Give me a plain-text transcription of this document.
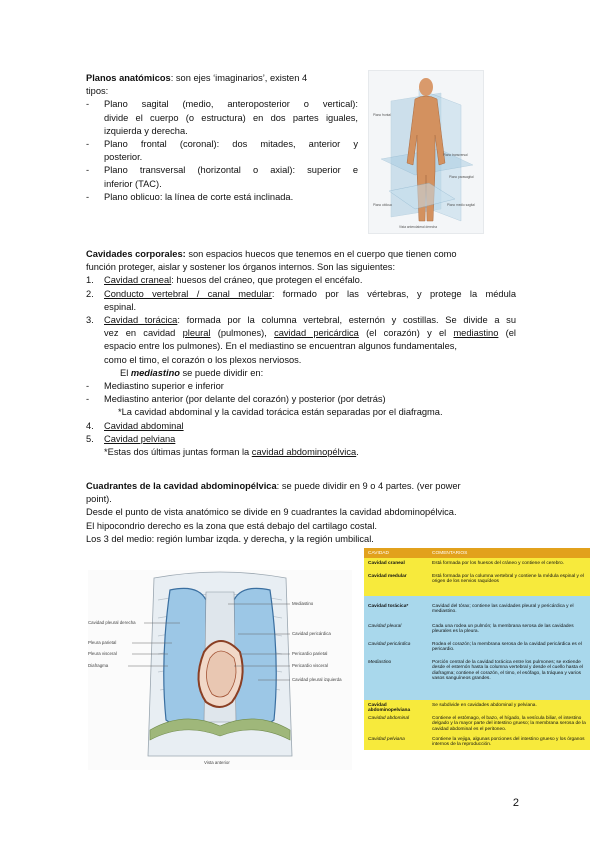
Planos anatómicos: son ejes ‘imaginarios’, existen 4
tipos:
- Plano sagital (medio, anteroposterior o vertical):
divide el cuerpo (o estructura) en dos partes iguales,
izquierda y derecha.
- Plano frontal (coronal): dos mitades, anterior y
posterior.
- Plano transversal (horizontal o axial): superior e
inferior (TAC).
- Plano oblicuo: la línea de corte está inclinada.
Plano frontal
Plano transversal
Plano parasagital
Plano medio sagital
Plano oblicuo
Vista anterolateral derecha
Cavidades corporales: son espacios huecos que tenemos en el cuerpo que tienen como
función proteger, aislar y sostener los órganos internos. Son las siguientes:
1. Cavidad craneal: huesos del cráneo, que protegen el encéfalo.
2. Conducto vertebral / canal medular: formado por las vértebras, y protege la médula
espinal.
3. Cavidad torácica: formada por la columna vertebral, esternón y costillas. Se divide a su
vez en cavidad pleural (pulmones), cavidad pericárdica (el corazón) y el mediastino (el
espacio entre los pulmones). En el mediastino se encuentran algunos fundamentales,
como el timo, el corazón o los plexos nerviosos.
El mediastino se puede dividir en:
- Mediastino superior e inferior
- Mediastino anterior (por delante del corazón) y posterior (por detrás)
*La cavidad abdominal y la cavidad torácica están separadas por el diafragma.
4. Cavidad abdominal
5. Cavidad pelviana
*Estas dos últimas juntas forman la cavidad abdominopélvica.
Cuadrantes de la cavidad abdominopélvica: se puede dividir en 9 o 4 partes. (ver power
point).
Desde el punto de vista anatómico se divide en 9 cuadrantes la cavidad abdominopélvica.
El hipocondrio derecho es la zona que está debajo del cartilago costal.
Los 3 del medio: región lumbar izqda. y derecha, y la región umbilical.
Cavidad pleural derecha
Pleura parietal
Pleura visceral
Diafragma
Mediastino
Cavidad pericárdica
Pericardio parietal
Pericardio visceral
Cavidad pleural izquierda
Vista anterior
CAVIDAD	COMENTARIOS
Cavidad craneal	Está formada por los huesos del cráneo y contiene el cerebro.
Cavidad medular	Está formada por la columna vertebral y contiene la médula espinal y el origen de los nervios raquídeos
Cavidad torácica*	Cavidad del tórax; contiene las cavidades pleural y pericárdica y el mediastino.
Cavidad pleural	Cada una rodea un pulmón; la membrana serosa de las cavidades pleurales es la pleura.
Cavidad pericárdica	Rodea el corazón; la membrana serosa de la cavidad pericárdica es el pericardio.
Mediastino	Porción central de la cavidad torácica entre los pulmones; se extiende desde el esternón hasta la columna vertebral y desde el cuello hasta el diafragma; contiene el corazón, el timo, el esófago, la tráquea y varios vasos sanguíneos grandes.
Cavidad abdominopelviana
Se subdivide en cavidades abdominal y pelviana.
Cavidad abdominal	Contiene el estómago, el bazo, el hígado, la vesícula biliar, el intestino delgado y la mayor parte del intestino grueso; la membrana serosa de la cavidad abdominal es el peritoneo.
Cavidad pelviana	Contiene la vejiga, algunas porciones del intestino grueso y los órganos internos de la reproducción.
2
